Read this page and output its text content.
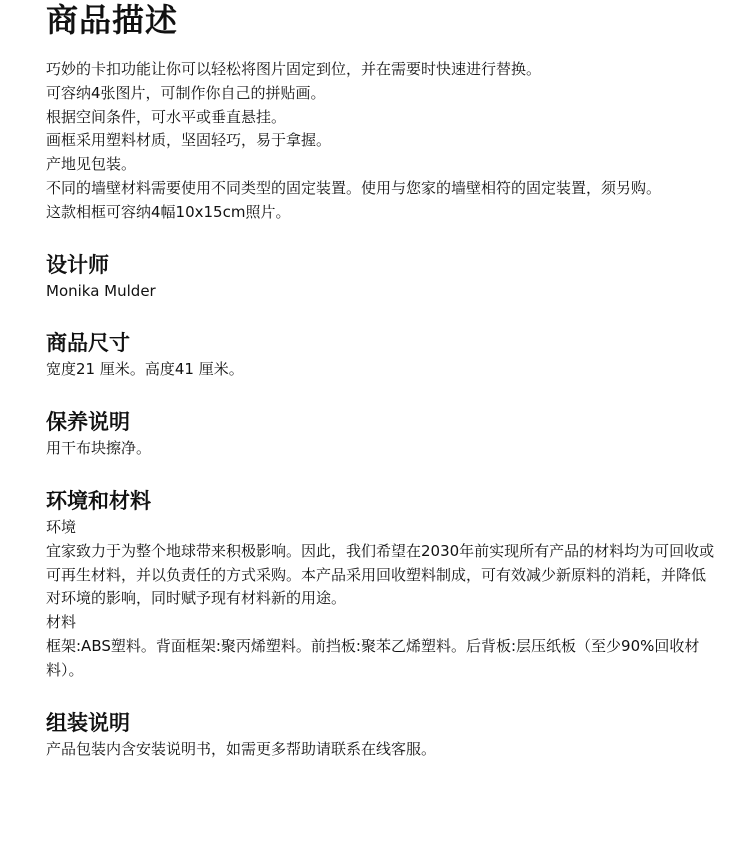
商品描述

巧妙的卡扣功能让你可以轻松将图片固定到位，并在需要时快速进行替换。

可容纳4张图片，可制作你自己的拼贴画。

根据空间条件，可水平或垂直悬挂。

画框采用塑料材质，坚固轻巧，易于拿握。

产地见包装。

不同的墙壁材料需要使用不同类型的固定装置。使用与您家的墙壁相符的固定装置，须另购。

这款相框可容纳4幅10x15cm照片。

设计师

Monika Mulder

商品尺寸

宽度21 厘米。高度41 厘米。

保养说明

用干布块擦净。

环境和材料

环境

宜家致力于为整个地球带来积极影响。因此，我们希望在2030年前实现所有产品的材料均为可回收或可再生材料，并以负责任的方式采购。本产品采用回收塑料制成，可有效减少新原料的消耗，并降低对环境的影响，同时赋予现有材料新的用途。

材料

框架:ABS塑料。背面框架:聚丙烯塑料。前挡板:聚苯乙烯塑料。后背板:层压纸板（至少90%回收材料）。

组装说明

产品包装内含安装说明书，如需更多帮助请联系在线客服。
